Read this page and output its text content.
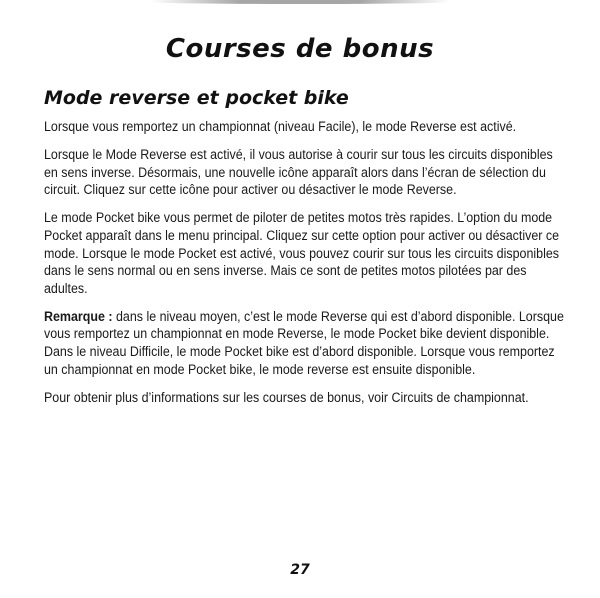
Courses de bonus
Mode reverse et pocket bike

Lorsque vous remportez un championnat (niveau Facile), le mode Reverse est activé.

Lorsque le Mode Reverse est activé, il vous autorise à courir sur tous les circuits disponibles en sens inverse. Désormais, une nouvelle icône apparaît alors dans l’écran de sélection du circuit. Cliquez sur cette icône pour activer ou désactiver le mode Reverse.

Le mode Pocket bike vous permet de piloter de petites motos très rapides. L’option du mode Pocket apparaît dans le menu principal. Cliquez sur cette option pour activer ou désactiver ce mode. Lorsque le mode Pocket est activé, vous pouvez courir sur tous les circuits disponibles dans le sens normal ou en sens inverse. Mais ce sont de petites motos pilotées par des adultes.

Remarque : dans le niveau moyen, c’est le mode Reverse qui est d’abord disponible. Lorsque vous remportez un championnat en mode Reverse, le mode Pocket bike devient disponible. Dans le niveau Difficile, le mode Pocket bike est d’abord disponible. Lorsque vous remportez un championnat en mode Pocket bike, le mode reverse est ensuite disponible.

Pour obtenir plus d’informations sur les courses de bonus, voir Circuits de championnat.

27
